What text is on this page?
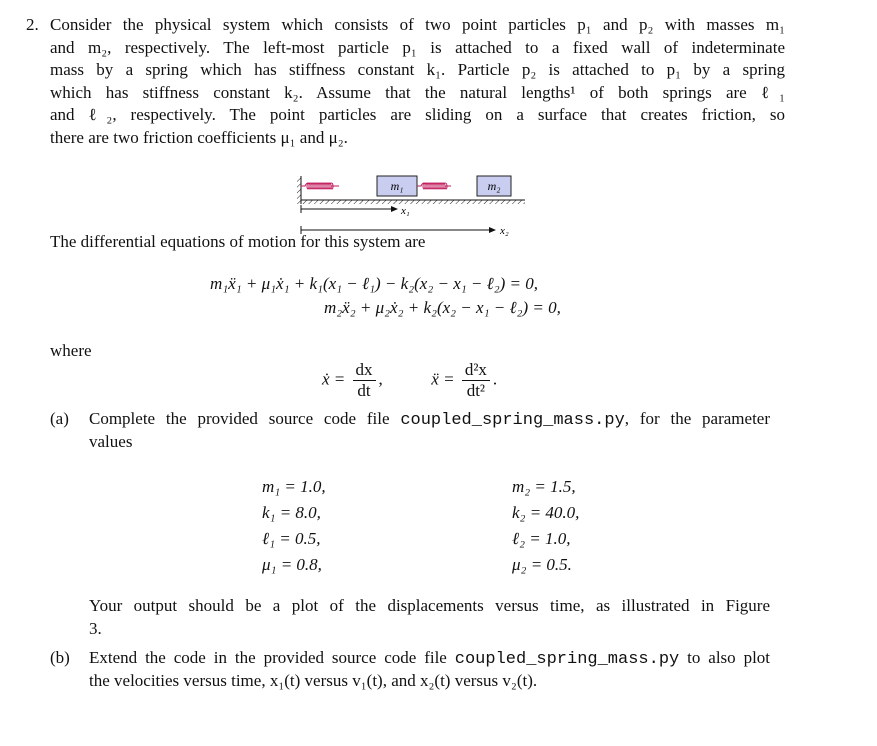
2. Consider the physical system which consists of two point particles p₁ and p₂ with masses m₁
and m₂, respectively. The left-most particle p₁ is attached to a fixed wall of indeterminate
mass by a spring which has stiffness constant k₁. Particle p₂ is attached to p₁ by a spring
which has stiffness constant k₂. Assume that the natural lengths¹ of both springs are ℓ₁
and ℓ₂, respectively. The point particles are sliding on a surface that creates friction, so
there are two friction coefficients μ₁ and μ₂.
m₁	m₂
x₁
x₂
The differential equations of motion for this system are
m₁ẍ₁ + μ₁ẋ₁ + k₁(x₁ − ℓ₁) − k₂(x₂ − x₁ − ℓ₂) = 0,
m₂ẍ₂ + μ₂ẋ₂ + k₂(x₂ − x₁ − ℓ₂) = 0,
where
ẋ = $\frac{dx}{dt}$ ,	ẍ = $\frac{\text{d²x}}{\text{dt²}}$ .
(a) Complete the provided source code file coupled_spring_mass.py, for the parameter
values
m₁ = 1.0,
k₁ = 8.0,
ℓ₁ = 0.5,
μ₁ = 0.8,
m₂ = 1.5,
k₂ = 40.0,
ℓ₂ = 1.0,
μ₂ = 0.5.
Your output should be a plot of the displacements versus time, as illustrated in Figure
3.
(b) Extend the code in the provided source code file coupled_spring_mass.py to also plot
the velocities versus time, x₁(t) versus v₁(t), and x₂(t) versus v₂(t).
